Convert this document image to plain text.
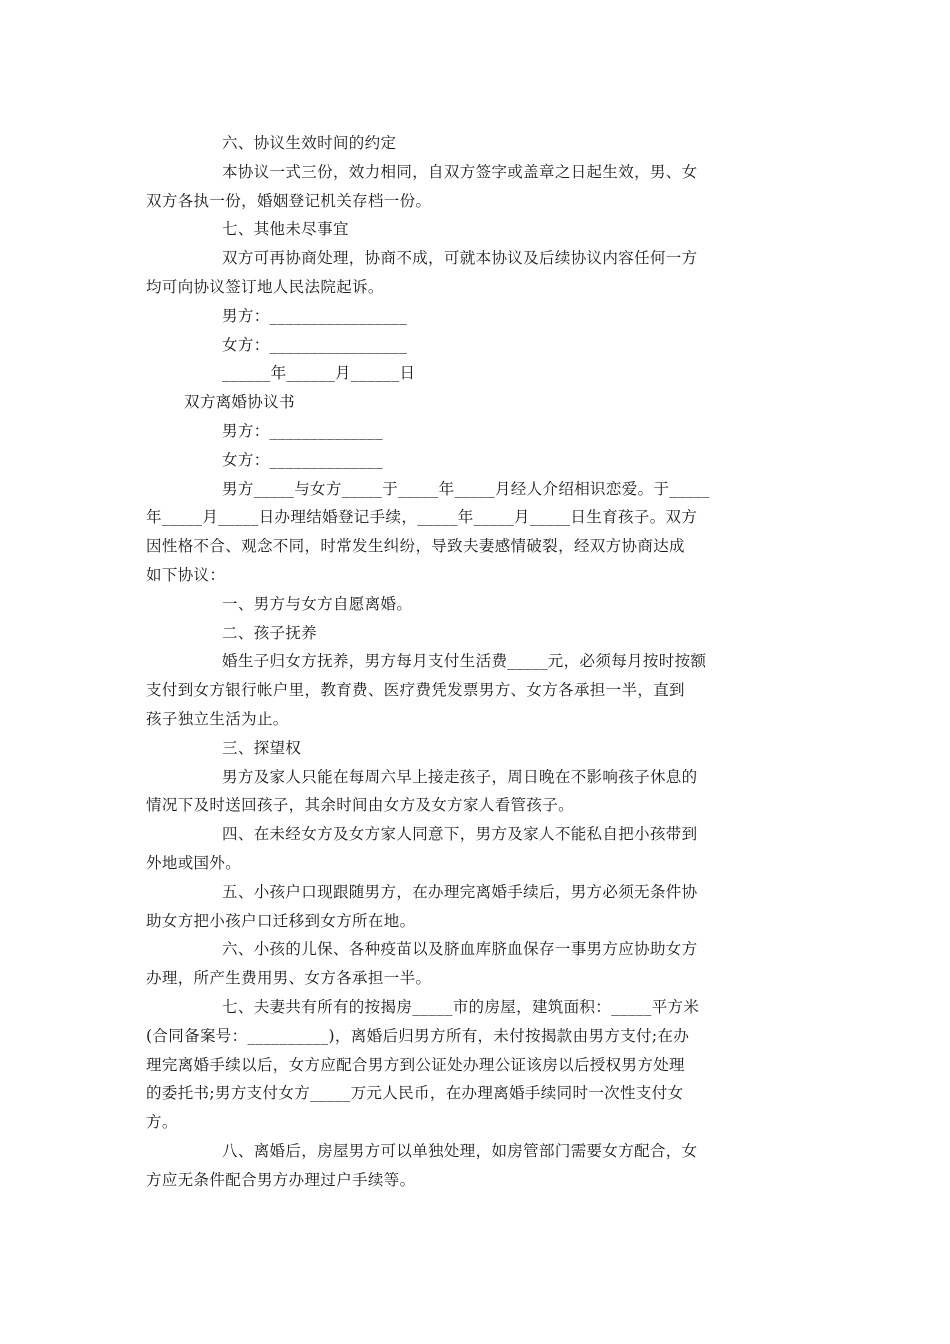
六、协议生效时间的约定
本协议一式三份，效力相同，自双方签字或盖章之日起生效，男、女
双方各执一份，婚姻登记机关存档一份。
七、其他未尽事宜
双方可再协商处理，协商不成，可就本协议及后续协议内容任何一方
均可向协议签订地人民法院起诉。
男方：_________________
女方：_________________
______年______月______日
双方离婚协议书
男方：______________
女方：______________
男方_____与女方_____于_____年_____月经人介绍相识恋爱。于_____
年_____月_____日办理结婚登记手续，_____年_____月_____日生育孩子。双方
因性格不合、观念不同，时常发生纠纷，导致夫妻感情破裂，经双方协商达成
如下协议：
一、男方与女方自愿离婚。
二、孩子抚养
婚生子归女方抚养，男方每月支付生活费_____元，必须每月按时按额
支付到女方银行帐户里，教育费、医疗费凭发票男方、女方各承担一半，直到
孩子独立生活为止。
三、探望权
男方及家人只能在每周六早上接走孩子，周日晚在不影响孩子休息的
情况下及时送回孩子，其余时间由女方及女方家人看管孩子。
四、在未经女方及女方家人同意下，男方及家人不能私自把小孩带到
外地或国外。
五、小孩户口现跟随男方，在办理完离婚手续后，男方必须无条件协
助女方把小孩户口迁移到女方所在地。
六、小孩的儿保、各种疫苗以及脐血库脐血保存一事男方应协助女方
办理，所产生费用男、女方各承担一半。
七、夫妻共有所有的按揭房_____市的房屋，建筑面积：_____平方米
(合同备案号：__________)，离婚后归男方所有，未付按揭款由男方支付;在办
理完离婚手续以后，女方应配合男方到公证处办理公证该房以后授权男方处理
的委托书;男方支付女方_____万元人民币，在办理离婚手续同时一次性支付女
方。
八、离婚后，房屋男方可以单独处理，如房管部门需要女方配合，女
方应无条件配合男方办理过户手续等。
